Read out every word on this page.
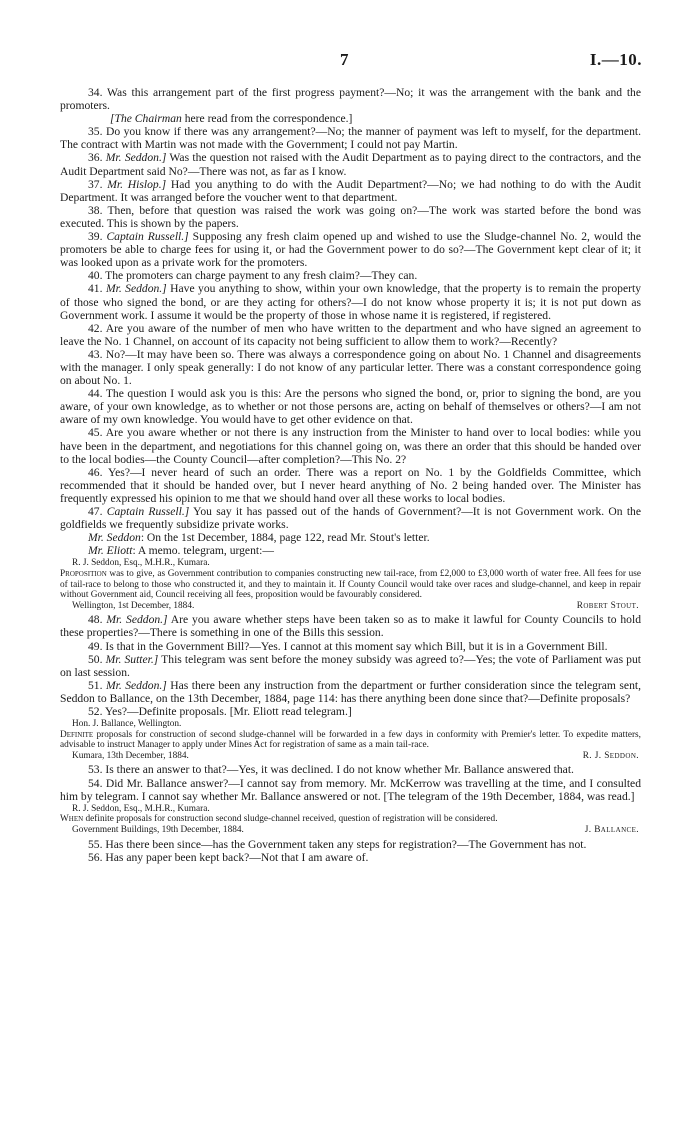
7	I.—10.

34. Was this arrangement part of the first progress payment?—No; it was the arrangement with the bank and the promoters.

[The Chairman here read from the correspondence.]

35. Do you know if there was any arrangement?—No; the manner of payment was left to myself, for the department. The contract with Martin was not made with the Government; I could not pay Martin.

36. Mr. Seddon.] Was the question not raised with the Audit Department as to paying direct to the contractors, and the Audit Department said No?—There was not, as far as I know.

37. Mr. Hislop.] Had you anything to do with the Audit Department?—No; we had nothing to do with the Audit Department. It was arranged before the voucher went to that department.

38. Then, before that question was raised the work was going on?—The work was started before the bond was executed. This is shown by the papers.

39. Captain Russell.] Supposing any fresh claim opened up and wished to use the Sludge-channel No. 2, would the promoters be able to charge fees for using it, or had the Government power to do so?—The Government kept clear of it; it was looked upon as a private work for the promoters.

40. The promoters can charge payment to any fresh claim?—They can.

41. Mr. Seddon.] Have you anything to show, within your own knowledge, that the property is to remain the property of those who signed the bond, or are they acting for others?—I do not know whose property it is; it is not put down as Government work. I assume it would be the property of those in whose name it is registered, if registered.

42. Are you aware of the number of men who have written to the department and who have signed an agreement to leave the No. 1 Channel, on account of its capacity not being sufficient to allow them to work?—Recently?

43. No?—It may have been so. There was always a correspondence going on about No. 1 Channel and disagreements with the manager. I only speak generally: I do not know of any particular letter. There was a constant correspondence going on about No. 1.

44. The question I would ask you is this: Are the persons who signed the bond, or, prior to signing the bond, are you aware, of your own knowledge, as to whether or not those persons are, acting on behalf of themselves or others?—I am not aware of my own knowledge. You would have to get other evidence on that.

45. Are you aware whether or not there is any instruction from the Minister to hand over to local bodies: while you have been in the department, and negotiations for this channel going on, was there an order that this should be handed over to the local bodies—the County Council—after completion?—This No. 2?

46. Yes?—I never heard of such an order. There was a report on No. 1 by the Goldfields Committee, which recommended that it should be handed over, but I never heard anything of No. 2 being handed over. The Minister has frequently expressed his opinion to me that we should hand over all these works to local bodies.

47. Captain Russell.] You say it has passed out of the hands of Government?—It is not Government work. On the goldfields we frequently subsidize private works.

Mr. Seddon: On the 1st December, 1884, page 122, read Mr. Stout's letter.

Mr. Eliott: A memo. telegram, urgent:—

R. J. Seddon, Esq., M.H.R., Kumara.
Proposition was to give, as Government contribution to companies constructing new tail-race, from £2,000 to £3,000 worth of water free. All fees for use of tail-race to belong to those who constructed it, and they to maintain it. If County Council would take over races and sludge-channel, and keep in repair without Government aid, Council receiving all fees, proposition would be favourably considered.
Wellington, 1st December, 1884.	Robert Stout.

48. Mr. Seddon.] Are you aware whether steps have been taken so as to make it lawful for County Councils to hold these properties?—There is something in one of the Bills this session.

49. Is that in the Government Bill?—Yes. I cannot at this moment say which Bill, but it is in a Government Bill.

50. Mr. Sutter.] This telegram was sent before the money subsidy was agreed to?—Yes; the vote of Parliament was put on last session.

51. Mr. Seddon.] Has there been any instruction from the department or further consideration since the telegram sent, Seddon to Ballance, on the 13th December, 1884, page 114: has there anything been done since that?—Definite proposals?

52. Yes?—Definite proposals. [Mr. Eliott read telegram.]

Hon. J. Ballance, Wellington.
Definite proposals for construction of second sludge-channel will be forwarded in a few days in conformity with Premier's letter. To expedite matters, advisable to instruct Manager to apply under Mines Act for registration of same as a main tail-race.
Kumara, 13th December, 1884.	R. J. Seddon.

53. Is there an answer to that?—Yes, it was declined. I do not know whether Mr. Ballance answered that.

54. Did Mr. Ballance answer?—I cannot say from memory. Mr. McKerrow was travelling at the time, and I consulted him by telegram. I cannot say whether Mr. Ballance answered or not. [The telegram of the 19th December, 1884, was read.]

R. J. Seddon, Esq., M.H.R., Kumara.
When definite proposals for construction second sludge-channel received, question of registration will be considered.
Government Buildings, 19th December, 1884.	J. Ballance.

55. Has there been since—has the Government taken any steps for registration?—The Government has not.

56. Has any paper been kept back?—Not that I am aware of.
